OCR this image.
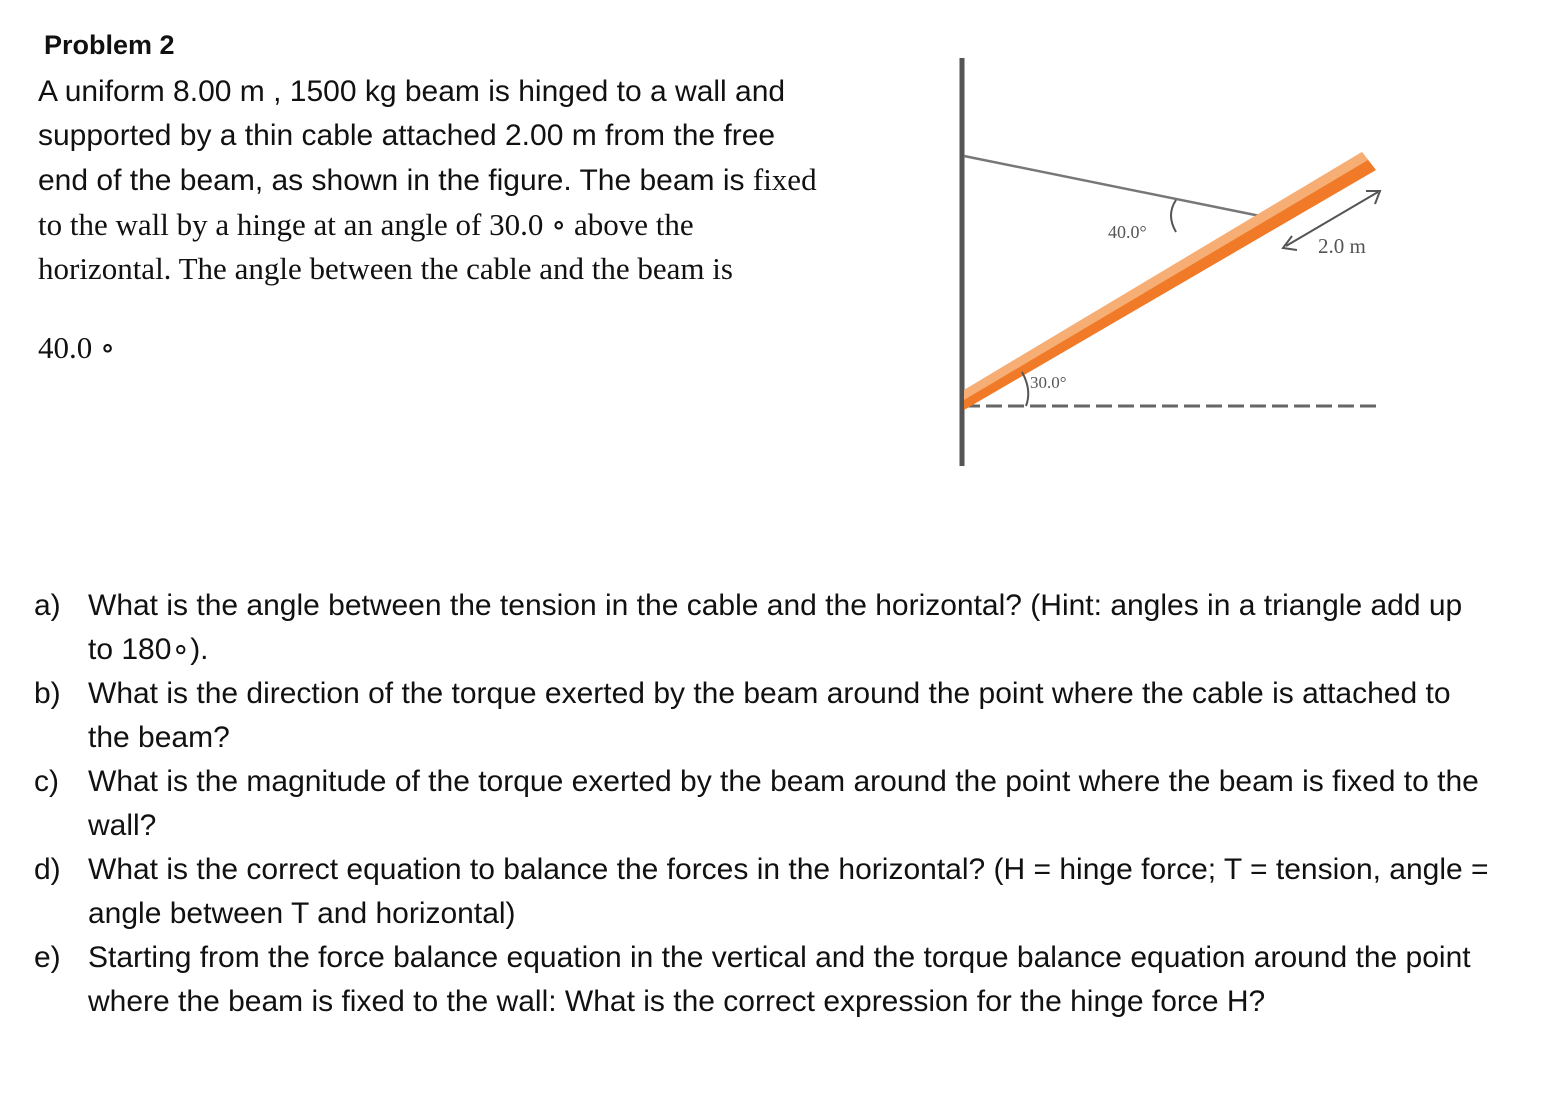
Problem 2
A uniform 8.00 m , 1500 kg beam is hinged to a wall and
supported by a thin cable attached 2.00 m from the free
end of the beam, as shown in the figure. The beam is fixed
to the wall by a hinge at an angle of 30.0 ∘ above the
horizontal. The angle between the cable and the beam is
40.0 ∘
40.0°
30.0°
2.0 m
a) What is the angle between the tension in the cable and the horizontal? (Hint: angles in a triangle add up to 180∘).
b) What is the direction of the torque exerted by the beam around the point where the cable is attached to the beam?
c) What is the magnitude of the torque exerted by the beam around the point where the beam is fixed to the wall?
d) What is the correct equation to balance the forces in the horizontal? (H = hinge force; T = tension, angle = angle between T and horizontal)
e) Starting from the force balance equation in the vertical and the torque balance equation around the point where the beam is fixed to the wall: What is the correct expression for the hinge force H?
